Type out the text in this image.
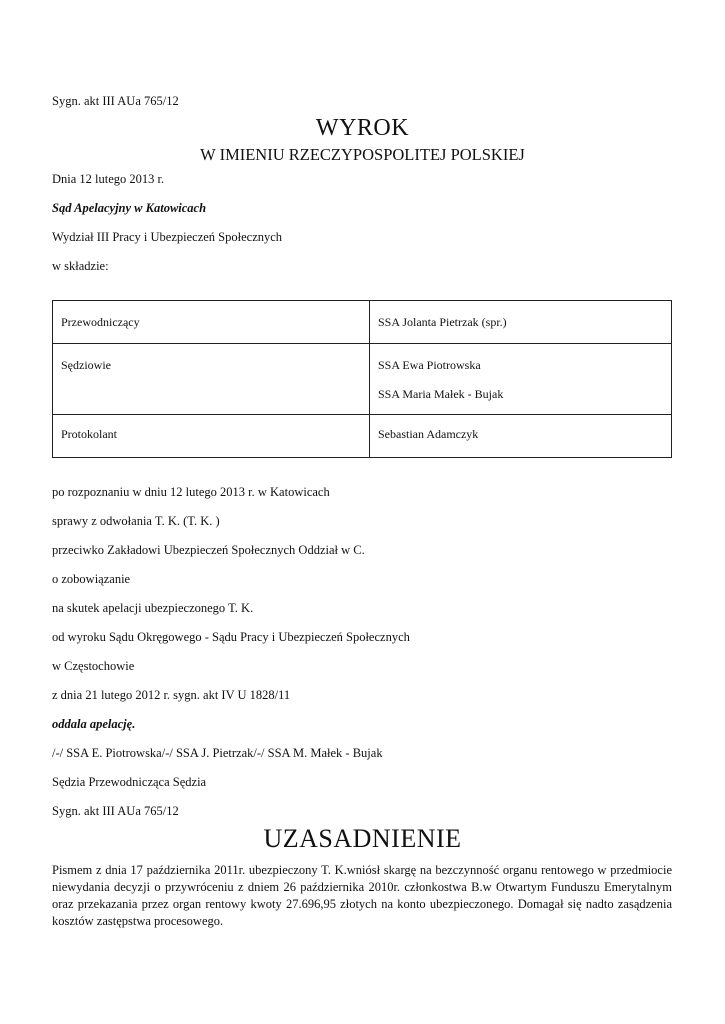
Sygn. akt III AUa 765/12
WYROK
W IMIENIU RZECZYPOSPOLITEJ POLSKIEJ
Dnia 12 lutego 2013 r.
Sąd Apelacyjny w Katowicach
Wydział III Pracy i Ubezpieczeń Społecznych
w składzie:
Przewodniczący	SSA Jolanta Pietrzak (spr.)

Sędziowie	SSA Ewa Piotrowska
SSA Maria Małek - Bujak

Protokolant	Sebastian Adamczyk
po rozpoznaniu w dniu 12 lutego 2013 r. w Katowicach
sprawy z odwołania T. K. (T. K. )
przeciwko Zakładowi Ubezpieczeń Społecznych Oddział w C.
o zobowiązanie
na skutek apelacji ubezpieczonego T. K.
od wyroku Sądu Okręgowego - Sądu Pracy i Ubezpieczeń Społecznych
w Częstochowie
z dnia 21 lutego 2012 r. sygn. akt IV U 1828/11
oddala apelację.
/-/ SSA E. Piotrowska/-/ SSA J. Pietrzak/-/ SSA M. Małek - Bujak
Sędzia Przewodnicząca Sędzia
Sygn. akt III AUa 765/12
UZASADNIENIE
Pismem z dnia 17 października 2011r. ubezpieczony T. K.wniósł skargę na bezczynność organu rentowego w przedmiocie niewydania decyzji o przywróceniu z dniem 26 października 2010r. członkostwa B.w Otwartym Funduszu Emerytalnym oraz przekazania przez organ rentowy kwoty 27.696,95 złotych na konto ubezpieczonego. Domagał się nadto zasądzenia kosztów zastępstwa procesowego.
